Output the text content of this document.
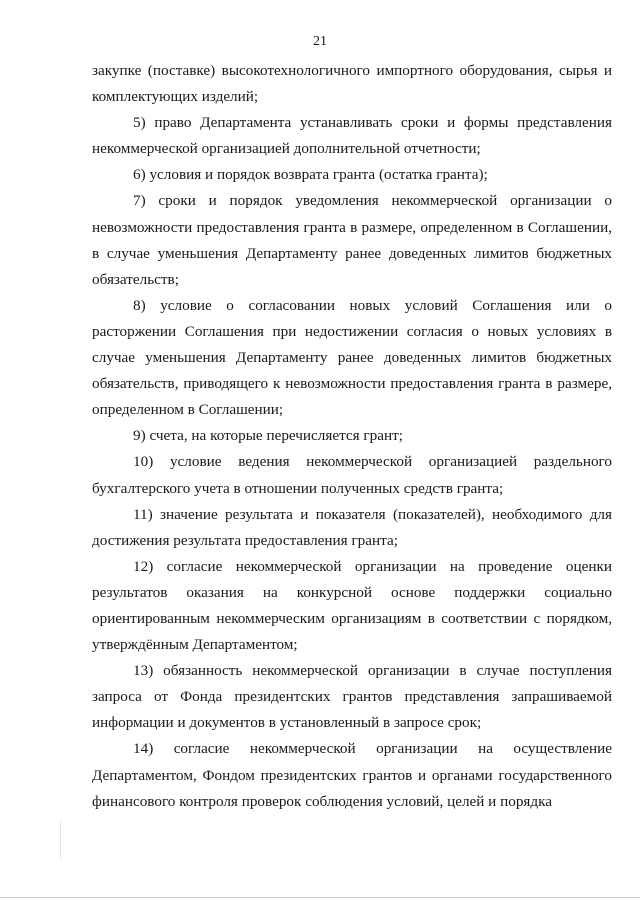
21

закупке (поставке) высокотехнологичного импортного оборудования, сырья и комплектующих изделий;

5) право Департамента устанавливать сроки и формы представления некоммерческой организацией дополнительной отчетности;

6) условия и порядок возврата гранта (остатка гранта);

7) сроки и порядок уведомления некоммерческой организации о невозможности предоставления гранта в размере, определенном в Соглашении, в случае уменьшения Департаменту ранее доведенных лимитов бюджетных обязательств;

8) условие о согласовании новых условий Соглашения или о расторжении Соглашения при недостижении согласия о новых условиях в случае уменьшения Департаменту ранее доведенных лимитов бюджетных обязательств, приводящего к невозможности предоставления гранта в размере, определенном в Соглашении;

9) счета, на которые перечисляется грант;

10) условие ведения некоммерческой организацией раздельного бухгалтерского учета в отношении полученных средств гранта;

11) значение результата и показателя (показателей), необходимого для достижения результата предоставления гранта;

12) согласие некоммерческой организации на проведение оценки результатов оказания на конкурсной основе поддержки социально ориентированным некоммерческим организациям в соответствии с порядком, утверждённым Департаментом;

13) обязанность некоммерческой организации в случае поступления запроса от Фонда президентских грантов представления запрашиваемой информации и документов в установленный в запросе срок;

14) согласие некоммерческой организации на осуществление Департаментом, Фондом президентских грантов и органами государственного финансового контроля проверок соблюдения условий, целей и порядка
